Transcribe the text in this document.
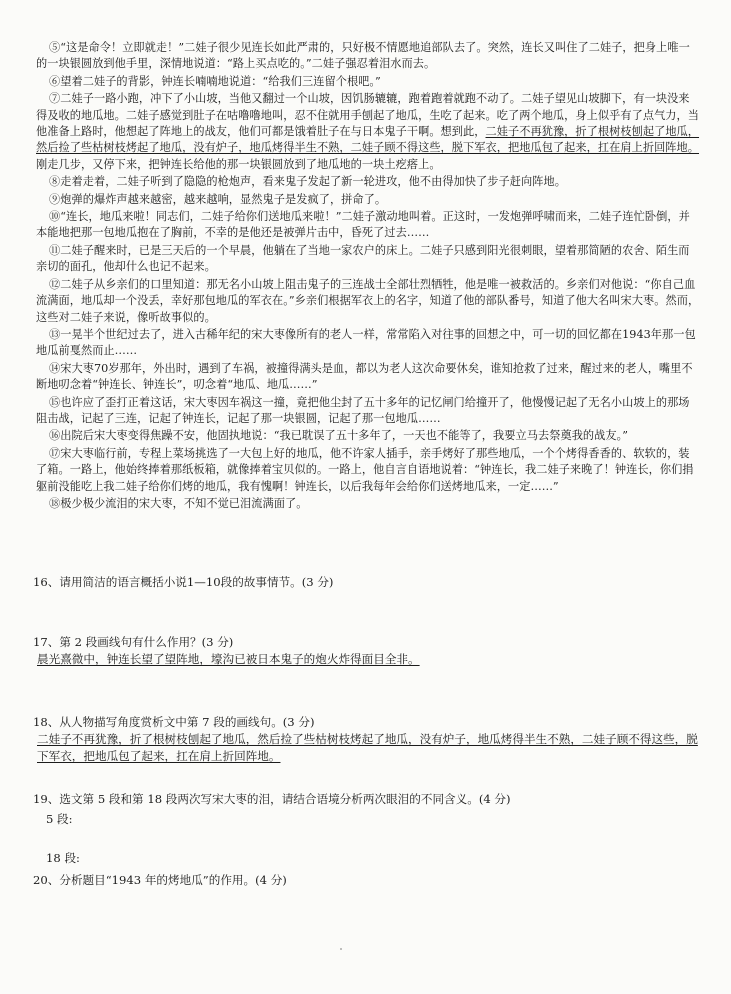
⑤“这是命令！立即就走！”二娃子很少见连长如此严肃的，只好极不情愿地追部队去了。突然，连长又叫住了二娃子，把身上唯一的一块银圆放到他手里，深情地说道：“路上买点吃的。”二娃子强忍着泪水而去。

⑥望着二娃子的背影，钟连长喃喃地说道：“给我们三连留个根吧。”

⑦二娃子一路小跑，冲下了小山坡，当他又翻过一个山坡，因饥肠辘辘，跑着跑着就跑不动了。二娃子望见山坡脚下，有一块没来得及收的地瓜地。二娃子感觉到肚子在咕噜噜地叫，忍不住就用手刨起了地瓜，生吃了起来。吃了两个地瓜，身上似乎有了点气力，当他准备上路时，他想起了阵地上的战友，他们可都是饿着肚子在与日本鬼子干啊。想到此，二娃子不再犹豫，折了根树枝刨起了地瓜，然后捡了些枯树枝烤起了地瓜，没有炉子，地瓜烤得半生不熟，二娃子顾不得这些，脱下军衣，把地瓜包了起来，扛在肩上折回阵地。刚走几步，又停下来，把钟连长给他的那一块银圆放到了地瓜地的一块土疙瘩上。

⑧走着走着，二娃子听到了隐隐的枪炮声，看来鬼子发起了新一轮进攻，他不由得加快了步子赶向阵地。

⑨炮弹的爆炸声越来越密，越来越响，显然鬼子是发疯了，拼命了。

⑩“连长，地瓜来啦！同志们，二娃子给你们送地瓜来啦！”二娃子激动地叫着。正这时，一发炮弹呼啸而来，二娃子连忙卧倒，并本能地把那一包地瓜抱在了胸前，不幸的是他还是被弹片击中，昏死了过去……

⑪二娃子醒来时，已是三天后的一个早晨，他躺在了当地一家农户的床上。二娃子只感到阳光很刺眼，望着那简陋的农舍、陌生而亲切的面孔，他却什么也记不起来。

⑫二娃子从乡亲们的口里知道：那无名小山坡上阻击鬼子的三连战士全部壮烈牺牲，他是唯一被救活的。乡亲们对他说：“你自己血流满面，地瓜却一个没丢，幸好那包地瓜的军衣在。”乡亲们根据军衣上的名字，知道了他的部队番号，知道了他大名叫宋大枣。然而，这些对二娃子来说，像听故事似的。

⑬一晃半个世纪过去了，进入古稀年纪的宋大枣像所有的老人一样，常常陷入对往事的回想之中，可一切的回忆都在1943年那一包地瓜前戛然而止……

⑭宋大枣70岁那年，外出时，遇到了车祸，被撞得满头是血，都以为老人这次命要休矣，谁知抢救了过来，醒过来的老人，嘴里不断地叨念着“钟连长、钟连长”，叨念着“地瓜、地瓜……”

⑮也许应了歪打正着这话，宋大枣因车祸这一撞，竟把他尘封了五十多年的记忆闸门给撞开了，他慢慢记起了无名小山坡上的那场阻击战，记起了三连，记起了钟连长，记起了那一块银圆，记起了那一包地瓜……

⑯出院后宋大枣变得焦躁不安，他固执地说：“我已耽误了五十多年了，一天也不能等了，我要立马去祭奠我的战友。”

⑰宋大枣临行前，专程上菜场挑选了一大包上好的地瓜，他不许家人插手，亲手烤好了那些地瓜，一个个烤得香香的、软软的，装了箱。一路上，他始终捧着那纸板箱，就像捧着宝贝似的。一路上，他自言自语地说着：“钟连长，我二娃子来晚了！钟连长，你们捐躯前没能吃上我二娃子给你们烤的地瓜，我有愧啊！钟连长，以后我每年会给你们送烤地瓜来，一定……”

⑱极少极少流泪的宋大枣，不知不觉已泪流满面了。

16、请用简洁的语言概括小说1—10段的故事情节。(3 分)
17、第 2 段画线句有什么作用？(3 分)
晨光熹微中，钟连长望了望阵地，壕沟已被日本鬼子的炮火炸得面目全非。
18、从人物描写角度赏析文中第 7 段的画线句。(3 分)
二娃子不再犹豫，折了根树枝刨起了地瓜，然后捡了些枯树枝烤起了地瓜，没有炉子，地瓜烤得半生不熟，二娃子顾不得这些，脱下军衣，把地瓜包了起来，扛在肩上折回阵地。
19、选文第 5 段和第 18 段两次写宋大枣的泪，请结合语境分析两次眼泪的不同含义。(4 分)
5 段:
18 段:
20、分析题目“1943 年的烤地瓜”的作用。(4 分)
